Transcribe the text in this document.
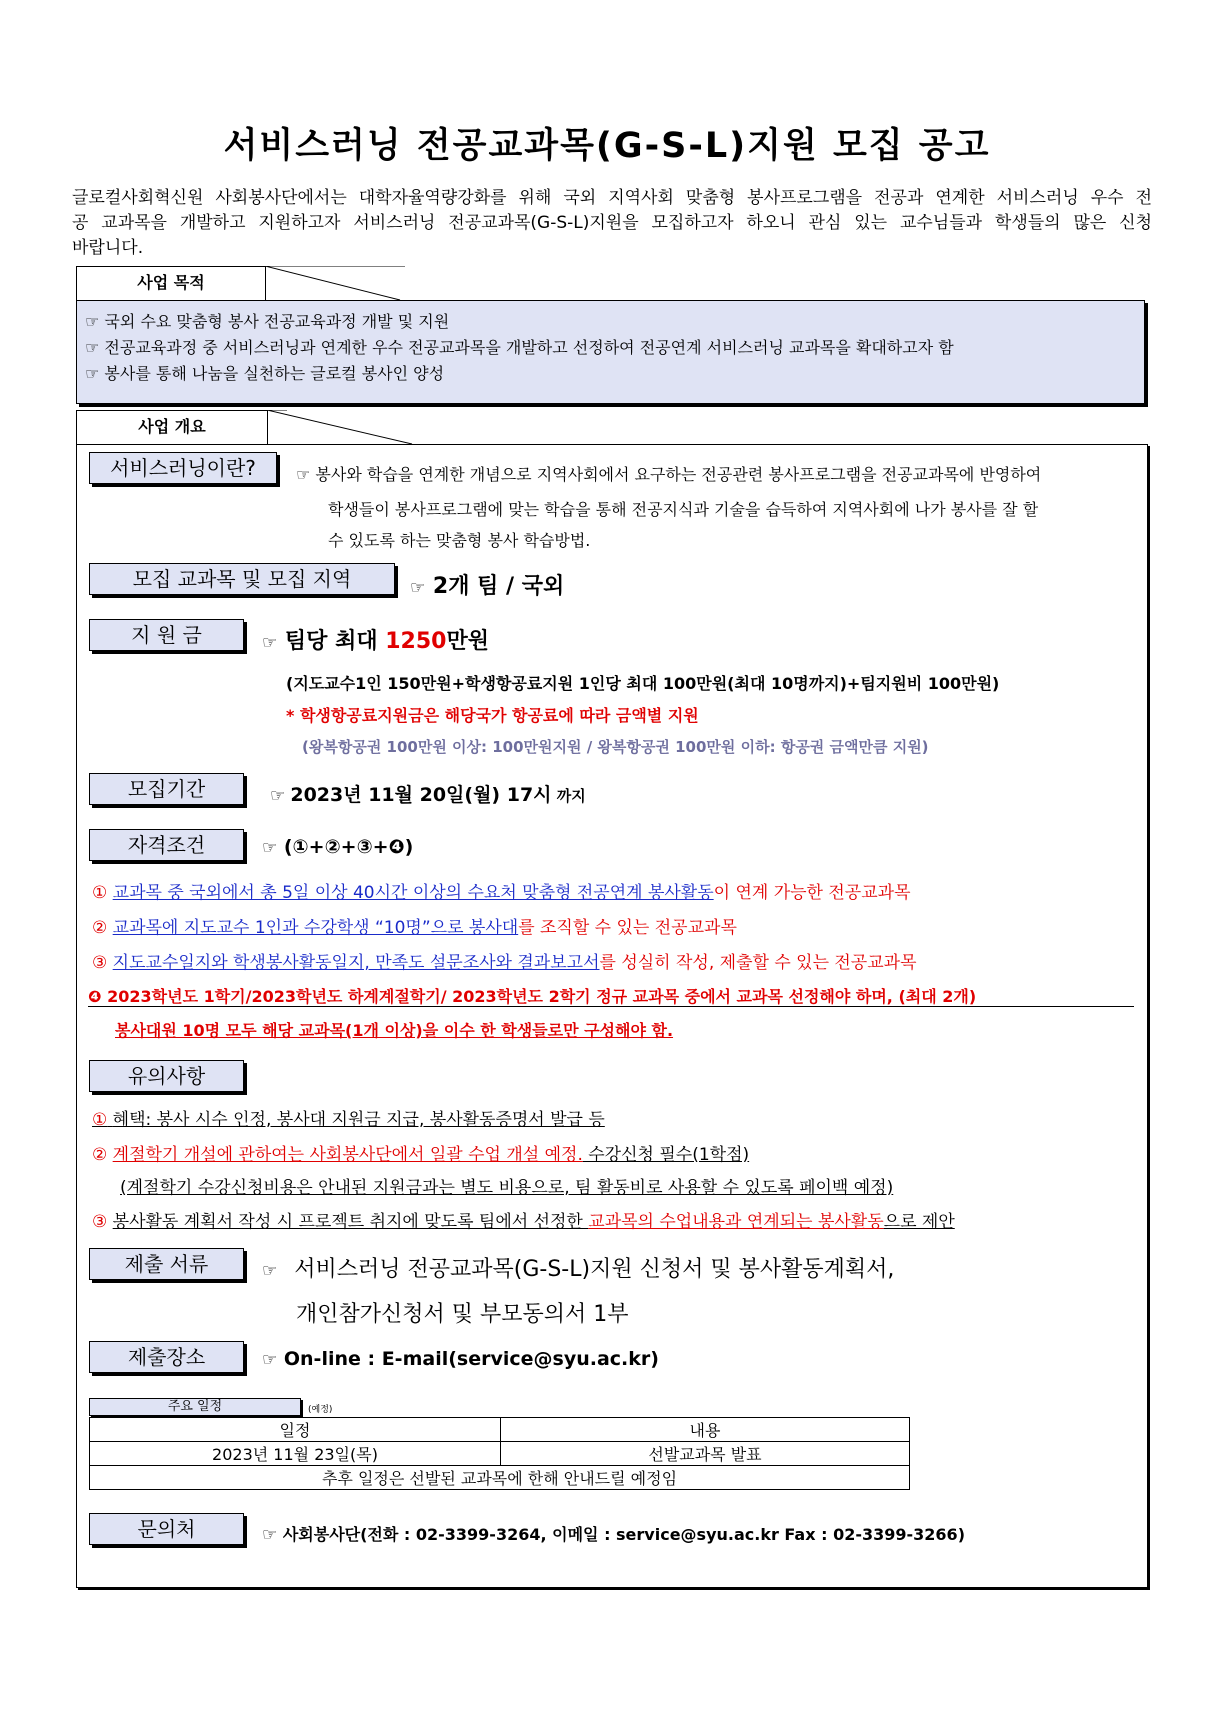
서비스러닝 전공교과목(G-S-L)지원 모집 공고
글로컬사회혁신원 사회봉사단에서는 대학자율역량강화를 위해 국외 지역사회 맞춤형 봉사프로그램을 전공과 연계한 서비스러닝 우수 전공 교과목을 개발하고 지원하고자 서비스러닝 전공교과목(G-S-L)지원을 모집하고자 하오니 관심 있는 교수님들과 학생들의 많은 신청 바랍니다.
사업 목적
☞ 국외 수요 맞춤형 봉사 전공교육과정 개발 및 지원
☞ 전공교육과정 중 서비스러닝과 연계한 우수 전공교과목을 개발하고 선정하여 전공연계 서비스러닝 교과목을 확대하고자 함
☞ 봉사를 통해 나눔을 실천하는 글로컬 봉사인 양성
사업 개요
서비스러닝이란?	☞ 봉사와 학습을 연계한 개념으로 지역사회에서 요구하는 전공관련 봉사프로그램을 전공교과목에 반영하여
학생들이 봉사프로그램에 맞는 학습을 통해 전공지식과 기술을 습득하여 지역사회에 나가 봉사를 잘 할
수 있도록 하는 맞춤형 봉사 학습방법.
모집 교과목 및 모집 지역	☞ 2개 팀 / 국외
지 원 금	☞ 팀당 최대 1250만원
(지도교수1인 150만원+학생항공료지원 1인당 최대 100만원(최대 10명까지)+팀지원비 100만원)
* 학생항공료지원금은 해당국가 항공료에 따라 금액별 지원
(왕복항공권 100만원 이상: 100만원지원 / 왕복항공권 100만원 이하: 항공권 금액만큼 지원)
모집기간	☞ 2023년 11월 20일(월) 17시 까지
자격조건	☞ (①+②+③+❹)
① 교과목 중 국외에서 총 5일 이상 40시간 이상의 수요처 맞춤형 전공연계 봉사활동이 연계 가능한 전공교과목
② 교과목에 지도교수 1인과 수강학생 “10명”으로 봉사대를 조직할 수 있는 전공교과목
③ 지도교수일지와 학생봉사활동일지, 만족도 설문조사와 결과보고서를 성실히 작성, 제출할 수 있는 전공교과목
❹ 2023학년도 1학기/2023학년도 하계계절학기/ 2023학년도 2학기 정규 교과목 중에서 교과목 선정해야 하며, (최대 2개)
봉사대원 10명 모두 해당 교과목(1개 이상)을 이수 한 학생들로만 구성해야 함.
유의사항
① 혜택: 봉사 시수 인정, 봉사대 지원금 지급, 봉사활동증명서 발급 등
② 계절학기 개설에 관하여는 사회봉사단에서 일괄 수업 개설 예정. 수강신청 필수(1학점)
(계절학기 수강신청비용은 안내된 지원금과는 별도 비용으로, 팀 활동비로 사용할 수 있도록 페이백 예정)
③ 봉사활동 계획서 작성 시 프로젝트 취지에 맞도록 팀에서 선정한 교과목의 수업내용과 연계되는 봉사활동으로 제안
제출 서류	☞ 서비스러닝 전공교과목(G-S-L)지원 신청서 및 봉사활동계획서,
개인참가신청서 및 부모동의서 1부
제출장소	☞ On-line : E-mail(service@syu.ac.kr)
주요 일정	(예정)
일정	내용
2023년 11월 23일(목)	선발교과목 발표
추후 일정은 선발된 교과목에 한해 안내드릴 예정임	
문의처	☞ 사회봉사단(전화 : 02-3399-3264, 이메일 : service@syu.ac.kr Fax : 02-3399-3266)
